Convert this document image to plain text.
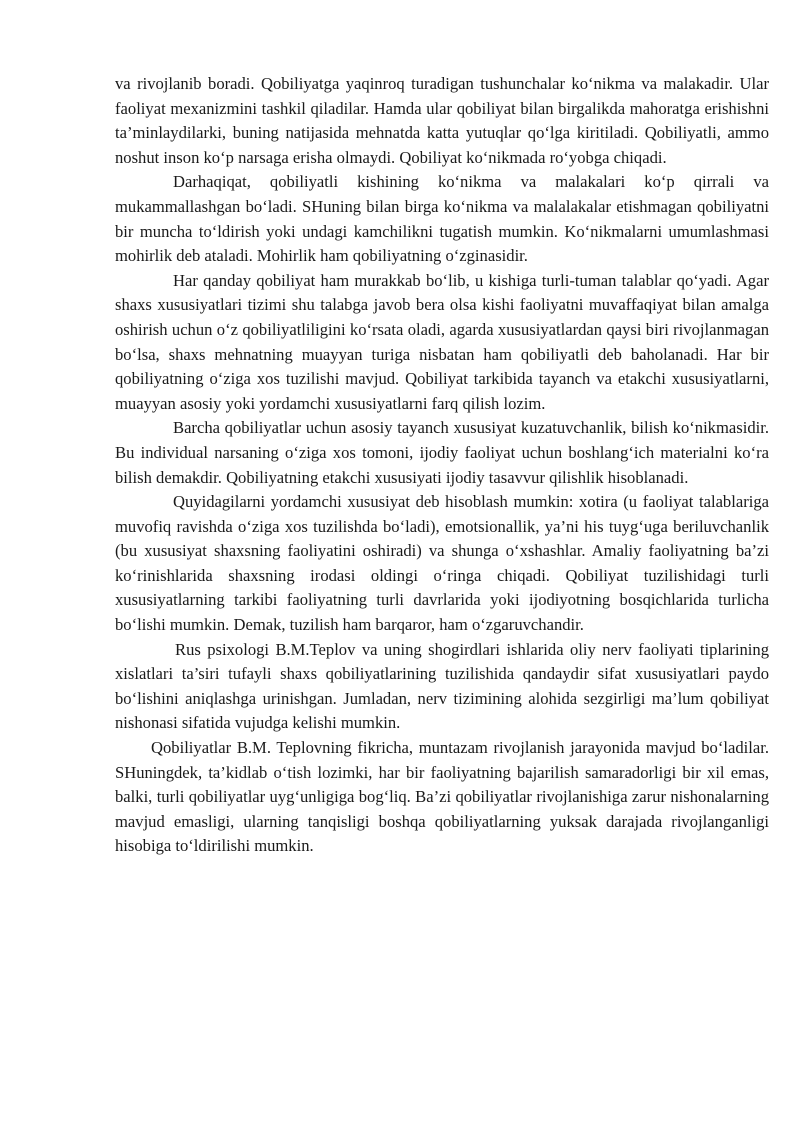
va rivojlanib boradi. Qobiliyatga yaqinroq turadigan tushunchalar ko‘nikma va malakadir. Ular faoliyat mexanizmini tashkil qiladilar. Hamda ular qobiliyat bilan birgalikda mahoratga erishishni ta’minlaydilarki, buning natijasida mehnatda katta yutuqlar qo‘lga kiritiladi. Qobiliyatli, ammo noshut inson ko‘p narsaga erisha olmaydi. Qobiliyat ko‘nikmada ro‘yobga chiqadi.

Darhaqiqat, qobiliyatli kishining ko‘nikma va malakalari ko‘p qirrali va mukammallashgan bo‘ladi. SHuning bilan birga ko‘nikma va malalakalar etishmagan qobiliyatni bir muncha to‘ldirish yoki undagi kamchilikni tugatish mumkin. Ko‘nikmalarni umumlashmasi mohirlik deb ataladi. Mohirlik ham qobiliyatning o‘zginasidir.

Har qanday qobiliyat ham murakkab bo‘lib, u kishiga turli-tuman talablar qo‘yadi. Agar shaxs xususiyatlari tizimi shu talabga javob bera olsa kishi faoliyatni muvaffaqiyat bilan amalga oshirish uchun o‘z qobiliyatliligini ko‘rsata oladi, agarda xususiyatlardan qaysi biri rivojlanmagan bo‘lsa, shaxs mehnatning muayyan turiga nisbatan ham qobiliyatli deb baholanadi. Har bir qobiliyatning o‘ziga xos tuzilishi mavjud. Qobiliyat tarkibida tayanch va etakchi xususiyatlarni, muayyan asosiy yoki yordamchi xususiyatlarni farq qilish lozim.

Barcha qobiliyatlar uchun asosiy tayanch xususiyat kuzatuvchanlik, bilish ko‘nikmasidir. Bu individual narsaning o‘ziga xos tomoni, ijodiy faoliyat uchun boshlang‘ich materialni ko‘ra bilish demakdir. Qobiliyatning etakchi xususiyati ijodiy tasavvur qilishlik hisoblanadi.

Quyidagilarni yordamchi xususiyat deb hisoblash mumkin: xotira (u faoliyat talablariga muvofiq ravishda o‘ziga xos tuzilishda bo‘ladi), emotsionallik, ya’ni his tuyg‘uga beriluvchanlik (bu xususiyat shaxsning faoliyatini oshiradi) va shunga o‘xshashlar. Amaliy faoliyatning ba’zi ko‘rinishlarida shaxsning irodasi oldingi o‘ringa chiqadi. Qobiliyat tuzilishidagi turli xususiyatlarning tarkibi faoliyatning turli davrlarida yoki ijodiyotning bosqichlarida turlicha bo‘lishi mumkin. Demak, tuzilish ham barqaror, ham o‘zgaruvchandir.

Rus psixologi B.M.Teplov va uning shogirdlari ishlarida oliy nerv faoliyati tiplarining xislatlari ta’siri tufayli shaxs qobiliyatlarining tuzilishida qandaydir sifat xususiyatlari paydo bo‘lishini aniqlashga urinishgan. Jumladan, nerv tizimining alohida sezgirligi ma’lum qobiliyat nishonasi sifatida vujudga kelishi mumkin.

Qobiliyatlar B.M. Teplovning fikricha, muntazam rivojlanish jarayonida mavjud bo‘ladilar. SHuningdek, ta’kidlab o‘tish lozimki, har bir faoliyatning bajarilish samaradorligi bir xil emas, balki, turli qobiliyatlar uyg‘unligiga bog‘liq. Ba’zi qobiliyatlar rivojlanishiga zarur nishonalarning mavjud emasligi, ularning tanqisligi boshqa qobiliyatlarning yuksak darajada rivojlanganligi hisobiga to‘ldirilishi mumkin.
